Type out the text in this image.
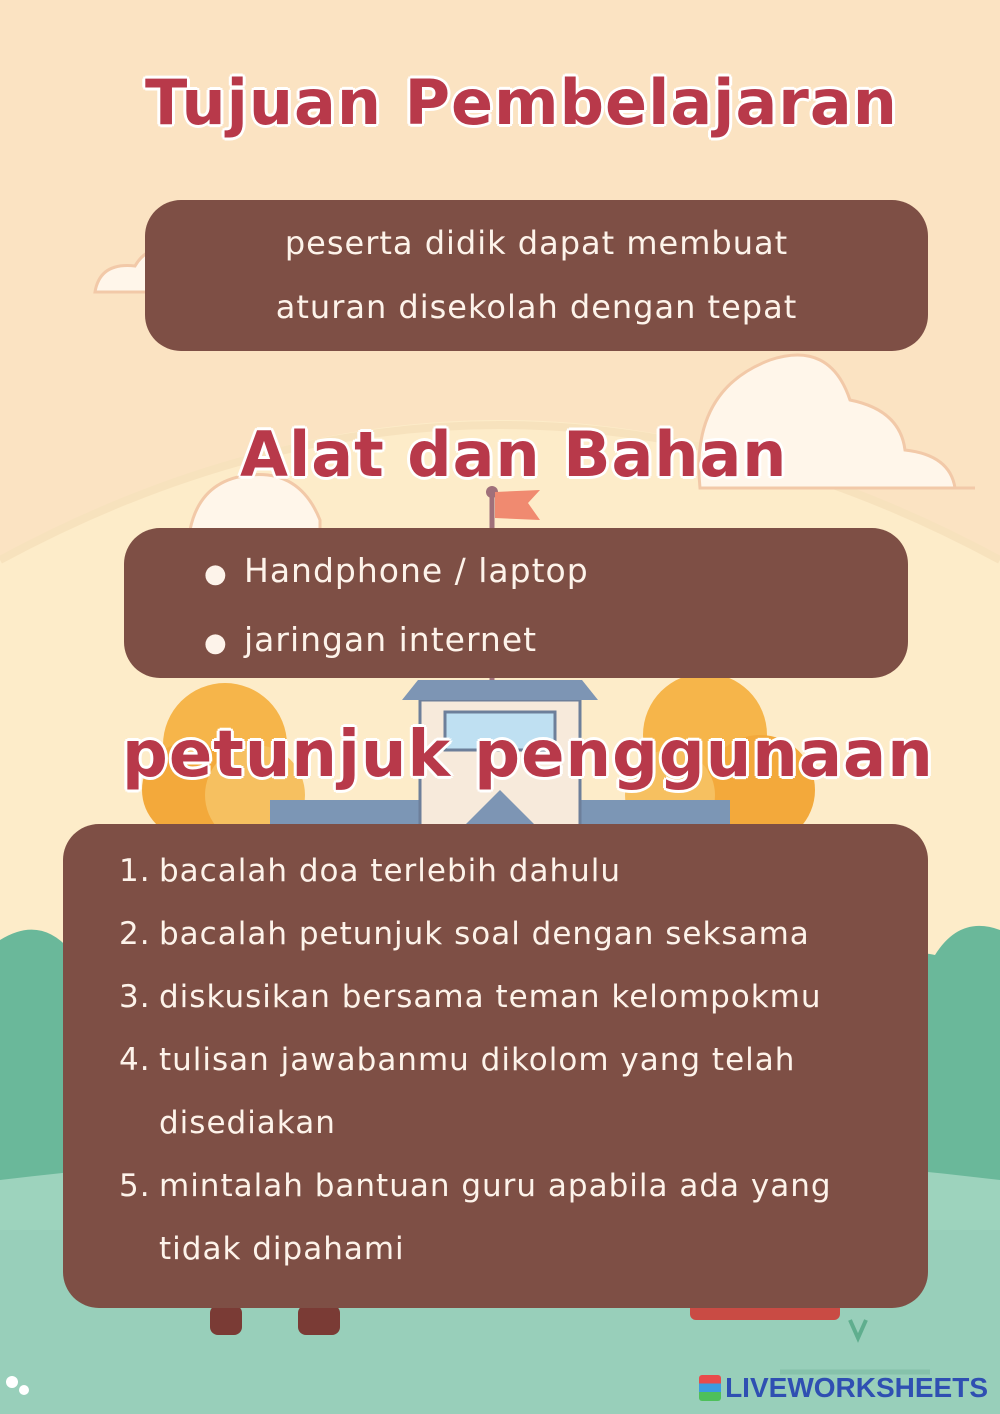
Tujuan Pembelajaran

peserta didik dapat membuat

aturan disekolah dengan tepat

Alat dan Bahan
● Handphone / laptop
● jaringan internet
petunjuk penggunaan
1. bacalah doa terlebih dahulu
2. bacalah petunjuk soal dengan seksama
3. diskusikan bersama teman kelompokmu
4. tulisan jawabanmu dikolom yang telah disediakan
5. mintalah bantuan guru apabila ada yang tidak dipahami
LIVEWORKSHEETS
